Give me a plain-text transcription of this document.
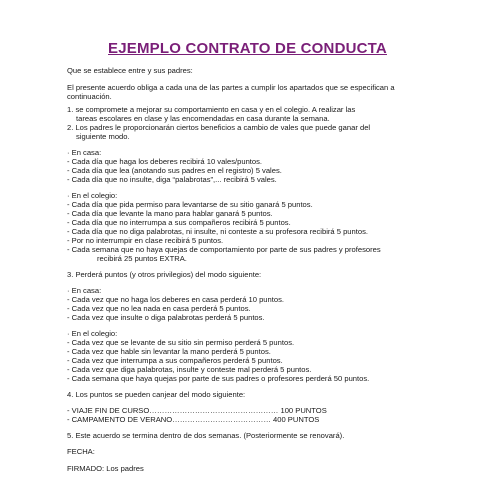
EJEMPLO CONTRATO DE CONDUCTA
Que se establece entre y sus padres:
El presente acuerdo obliga a cada una de las partes a cumplir los apartados que se especifican a
continuación.
1. se compromete a mejorar su comportamiento en casa y en el colegio. A realizar las
tareas escolares en clase y las encomendadas en casa durante la semana.
2. Los padres le proporcionarán ciertos beneficios a cambio de vales que puede ganar del
siguiente modo.
· En casa:
- Cada día que haga los deberes recibirá 10 vales/puntos.
- Cada día que lea (anotando sus padres en el registro) 5 vales.
- Cada día que no insulte, diga “palabrotas”,... recibirá 5 vales.
· En el colegio:
- Cada día que pida permiso para levantarse de su sitio ganará 5 puntos.
- Cada día que levante la mano para hablar ganará 5 puntos.
- Cada día que no interrumpa a sus compañeros recibirá 5 puntos.
- Cada día que no diga palabrotas, ni insulte, ni conteste a su profesora recibirá 5 puntos.
- Por no interrumpir en clase recibirá 5 puntos.
- Cada semana que no haya quejas de comportamiento por parte de sus padres y profesores
recibirá 25 puntos EXTRA.
3. Perderá puntos (y otros privilegios) del modo siguiente:
· En casa:
- Cada vez que no haga los deberes en casa perderá 10 puntos.
- Cada vez que no lea nada en casa perderá 5 puntos.
- Cada vez que insulte o diga palabrotas perderá 5 puntos.
· En el colegio:
- Cada vez que se levante de su sitio sin permiso perderá 5 puntos.
- Cada vez que hable sin levantar la mano perderá 5 puntos.
- Cada vez que interrumpa a sus compañeros perderá 5 puntos.
- Cada vez que diga palabrotas, insulte y conteste mal perderá 5 puntos.
- Cada semana que haya quejas por parte de sus padres o profesores perderá 50 puntos.
4. Los puntos se pueden canjear del modo siguiente:
- VIAJE FIN DE CURSO…………………………………………… 100 PUNTOS
- CAMPAMENTO DE VERANO………………………………… 400 PUNTOS
5. Este acuerdo se termina dentro de dos semanas. (Posteriormente se renovará).
FECHA:
FIRMADO: Los padres
